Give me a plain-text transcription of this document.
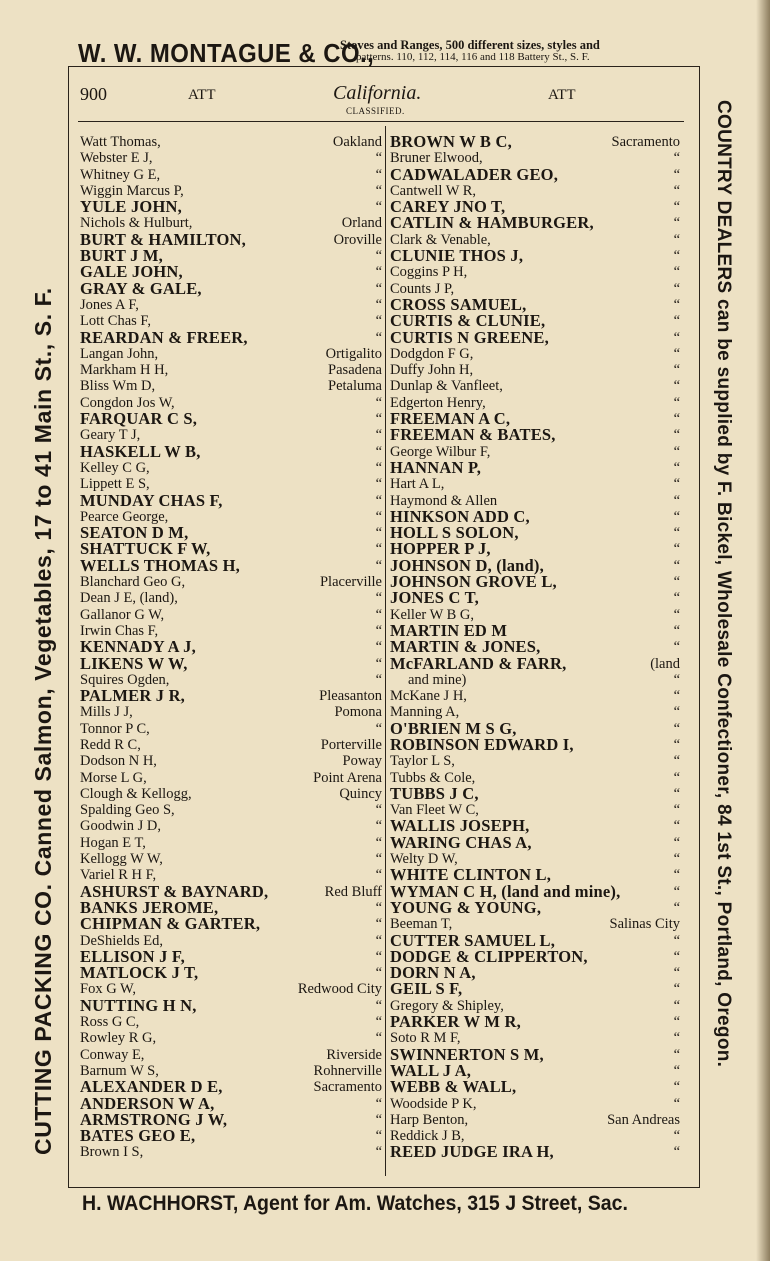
W. W. MONTAGUE & CO.,
Stoves and Ranges, 500 different sizes, styles and
patterns. 110, 112, 114, 116 and 118 Battery St., S. F.
900	ATT	California.
CLASSIFIED.
ATT
Watt Thomas,	Oakland
Webster E J,	“
Whitney G E,	“
Wiggin Marcus P,	“
YULE JOHN,	“
Nichols & Hulburt,	Orland
BURT & HAMILTON,	Oroville
BURT J M,	“
GALE JOHN,	“
GRAY & GALE,	“
Jones A F,	“
Lott Chas F,	“
REARDAN & FREER,	“
Langan John,	Ortigalito
Markham H H,	Pasadena
Bliss Wm D,	Petaluma
Congdon Jos W,	“
FARQUAR C S,	“
Geary T J,	“
HASKELL W B,	“
Kelley C G,	“
Lippett E S,	“
MUNDAY CHAS F,	“
Pearce George,	“
SEATON D M,	“
SHATTUCK F W,	“
WELLS THOMAS H,	“
Blanchard Geo G,	Placerville
Dean J E, (land),	“
Gallanor G W,	“
Irwin Chas F,	“
KENNADY A J,	“
LIKENS W W,	“
Squires Ogden,	“
PALMER J R,	Pleasanton
Mills J J,	Pomona
Tonnor P C,	“
Redd R C,	Porterville
Dodson N H,	Poway
Morse L G,	Point Arena
Clough & Kellogg,	Quincy
Spalding Geo S,	“
Goodwin J D,	“
Hogan E T,	“
Kellogg W W,	“
Variel R H F,	“
ASHURST & BAYNARD,	Red Bluff
BANKS JEROME,	“
CHIPMAN & GARTER,	“
DeShields Ed,	“
ELLISON J F,	“
MATLOCK J T,	“
Fox G W,	Redwood City
NUTTING H N,	“
Ross G C,	“
Rowley R G,	“
Conway E,	Riverside
Barnum W S,	Rohnerville
ALEXANDER D E,	Sacramento
ANDERSON W A,	“
ARMSTRONG J W,	“
BATES GEO E,	“
Brown I S,	“
BROWN W B C,	Sacramento
Bruner Elwood,	“
CADWALADER GEO,	“
Cantwell W R,	“
CAREY JNO T,	“
CATLIN & HAMBURGER,	“
Clark & Venable,	“
CLUNIE THOS J,	“
Coggins P H,	“
Counts J P,	“
CROSS SAMUEL,	“
CURTIS & CLUNIE,	“
CURTIS N GREENE,	“
Dodgdon F G,	“
Duffy John H,	“
Dunlap & Vanfleet,	“
Edgerton Henry,	“
FREEMAN A C,	“
FREEMAN & BATES,	“
George Wilbur F,	“
HANNAN P,	“
Hart A L,	“
Haymond & Allen	“
HINKSON ADD C,	“
HOLL S SOLON,	“
HOPPER P J,	“
JOHNSON D, (land),	“
JOHNSON GROVE L,	“
JONES C T,	“
Keller W B G,	“
MARTIN ED M	“
MARTIN & JONES,	“
McFARLAND & FARR,	(land
and mine)	“
McKane J H,	“
Manning A,	“
O'BRIEN M S G,	“
ROBINSON EDWARD I,	“
Taylor L S,	“
Tubbs & Cole,	“
TUBBS J C,	“
Van Fleet W C,	“
WALLIS JOSEPH,	“
WARING CHAS A,	“
Welty D W,	“
WHITE CLINTON L,	“
WYMAN C H, (land and mine),	“
YOUNG & YOUNG,	“
Beeman T,	Salinas City
CUTTER SAMUEL L,	“
DODGE & CLIPPERTON,	“
DORN N A,	“
GEIL S F,	“
Gregory & Shipley,	“
PARKER W M R,	“
Soto R M F,	“
SWINNERTON S M,	“
WALL J A,	“
WEBB & WALL,	“
Woodside P K,	“
Harp Benton,	San Andreas
Reddick J B,	“
REED JUDGE IRA H,	“
CUTTING PACKING CO. Canned Salmon, Vegetables, 17 to 41 Main St., S. F.	COUNTRY DEALERS can be supplied by F. Bickel, Wholesale Confectioner, 84 1st St., Portland, Oregon.
H. WACHHORST, Agent for Am. Watches, 315 J Street, Sac.
